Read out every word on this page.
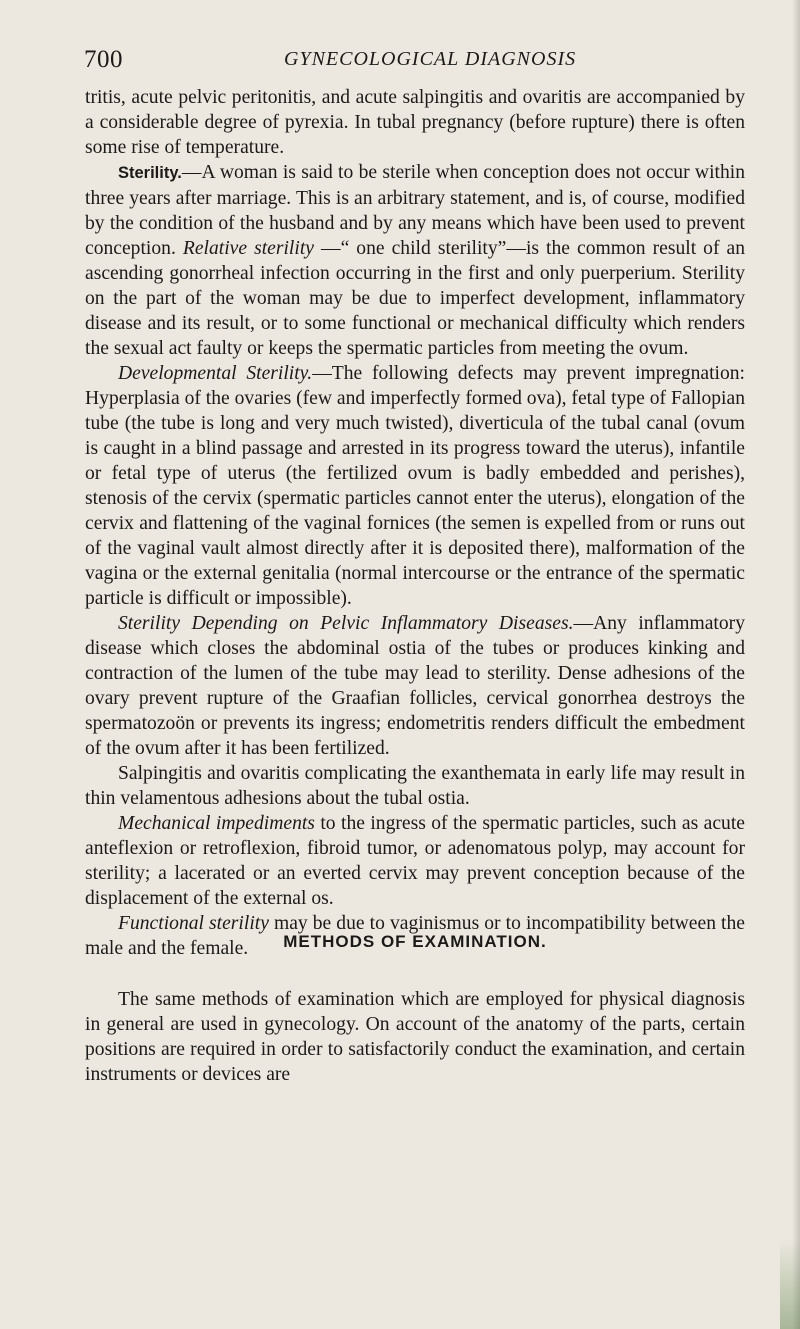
700	GYNECOLOGICAL DIAGNOSIS

tritis, acute pelvic peritonitis, and acute salpingitis and ovaritis are accompanied by a considerable degree of pyrexia. In tubal pregnancy (before rupture) there is often some rise of temperature.

Sterility.—A woman is said to be sterile when conception does not occur within three years after marriage. This is an arbitrary statement, and is, of course, modified by the condition of the husband and by any means which have been used to prevent conception. Relative sterility —“ one child sterility”—is the common result of an ascending gonorrheal infection occurring in the first and only puerperium. Sterility on the part of the woman may be due to imperfect development, inflammatory disease and its result, or to some functional or mechanical difficulty which renders the sexual act faulty or keeps the spermatic particles from meeting the ovum.

Developmental Sterility.—The following defects may prevent impregnation: Hyperplasia of the ovaries (few and imperfectly formed ova), fetal type of Fallopian tube (the tube is long and very much twisted), diverticula of the tubal canal (ovum is caught in a blind passage and arrested in its progress toward the uterus), infantile or fetal type of uterus (the fertilized ovum is badly embedded and perishes), stenosis of the cervix (spermatic particles cannot enter the uterus), elongation of the cervix and flattening of the vaginal fornices (the semen is expelled from or runs out of the vaginal vault almost directly after it is deposited there), malformation of the vagina or the external genitalia (normal intercourse or the entrance of the spermatic particle is difficult or impossible).

Sterility Depending on Pelvic Inflammatory Diseases.—Any inflammatory disease which closes the abdominal ostia of the tubes or produces kinking and contraction of the lumen of the tube may lead to sterility. Dense adhesions of the ovary prevent rupture of the Graafian follicles, cervical gonorrhea destroys the spermatozoön or prevents its ingress; endometritis renders difficult the embedment of the ovum after it has been fertilized.

Salpingitis and ovaritis complicating the exanthemata in early life may result in thin velamentous adhesions about the tubal ostia.

Mechanical impediments to the ingress of the spermatic particles, such as acute anteflexion or retroflexion, fibroid tumor, or adenomatous polyp, may account for sterility; a lacerated or an everted cervix may prevent conception because of the displacement of the external os.

Functional sterility may be due to vaginismus or to incompatibility between the male and the female.	METHODS OF EXAMINATION.

The same methods of examination which are employed for physical diagnosis in general are used in gynecology. On account of the anatomy of the parts, certain positions are required in order to satisfactorily conduct the examination, and certain instruments or devices are
